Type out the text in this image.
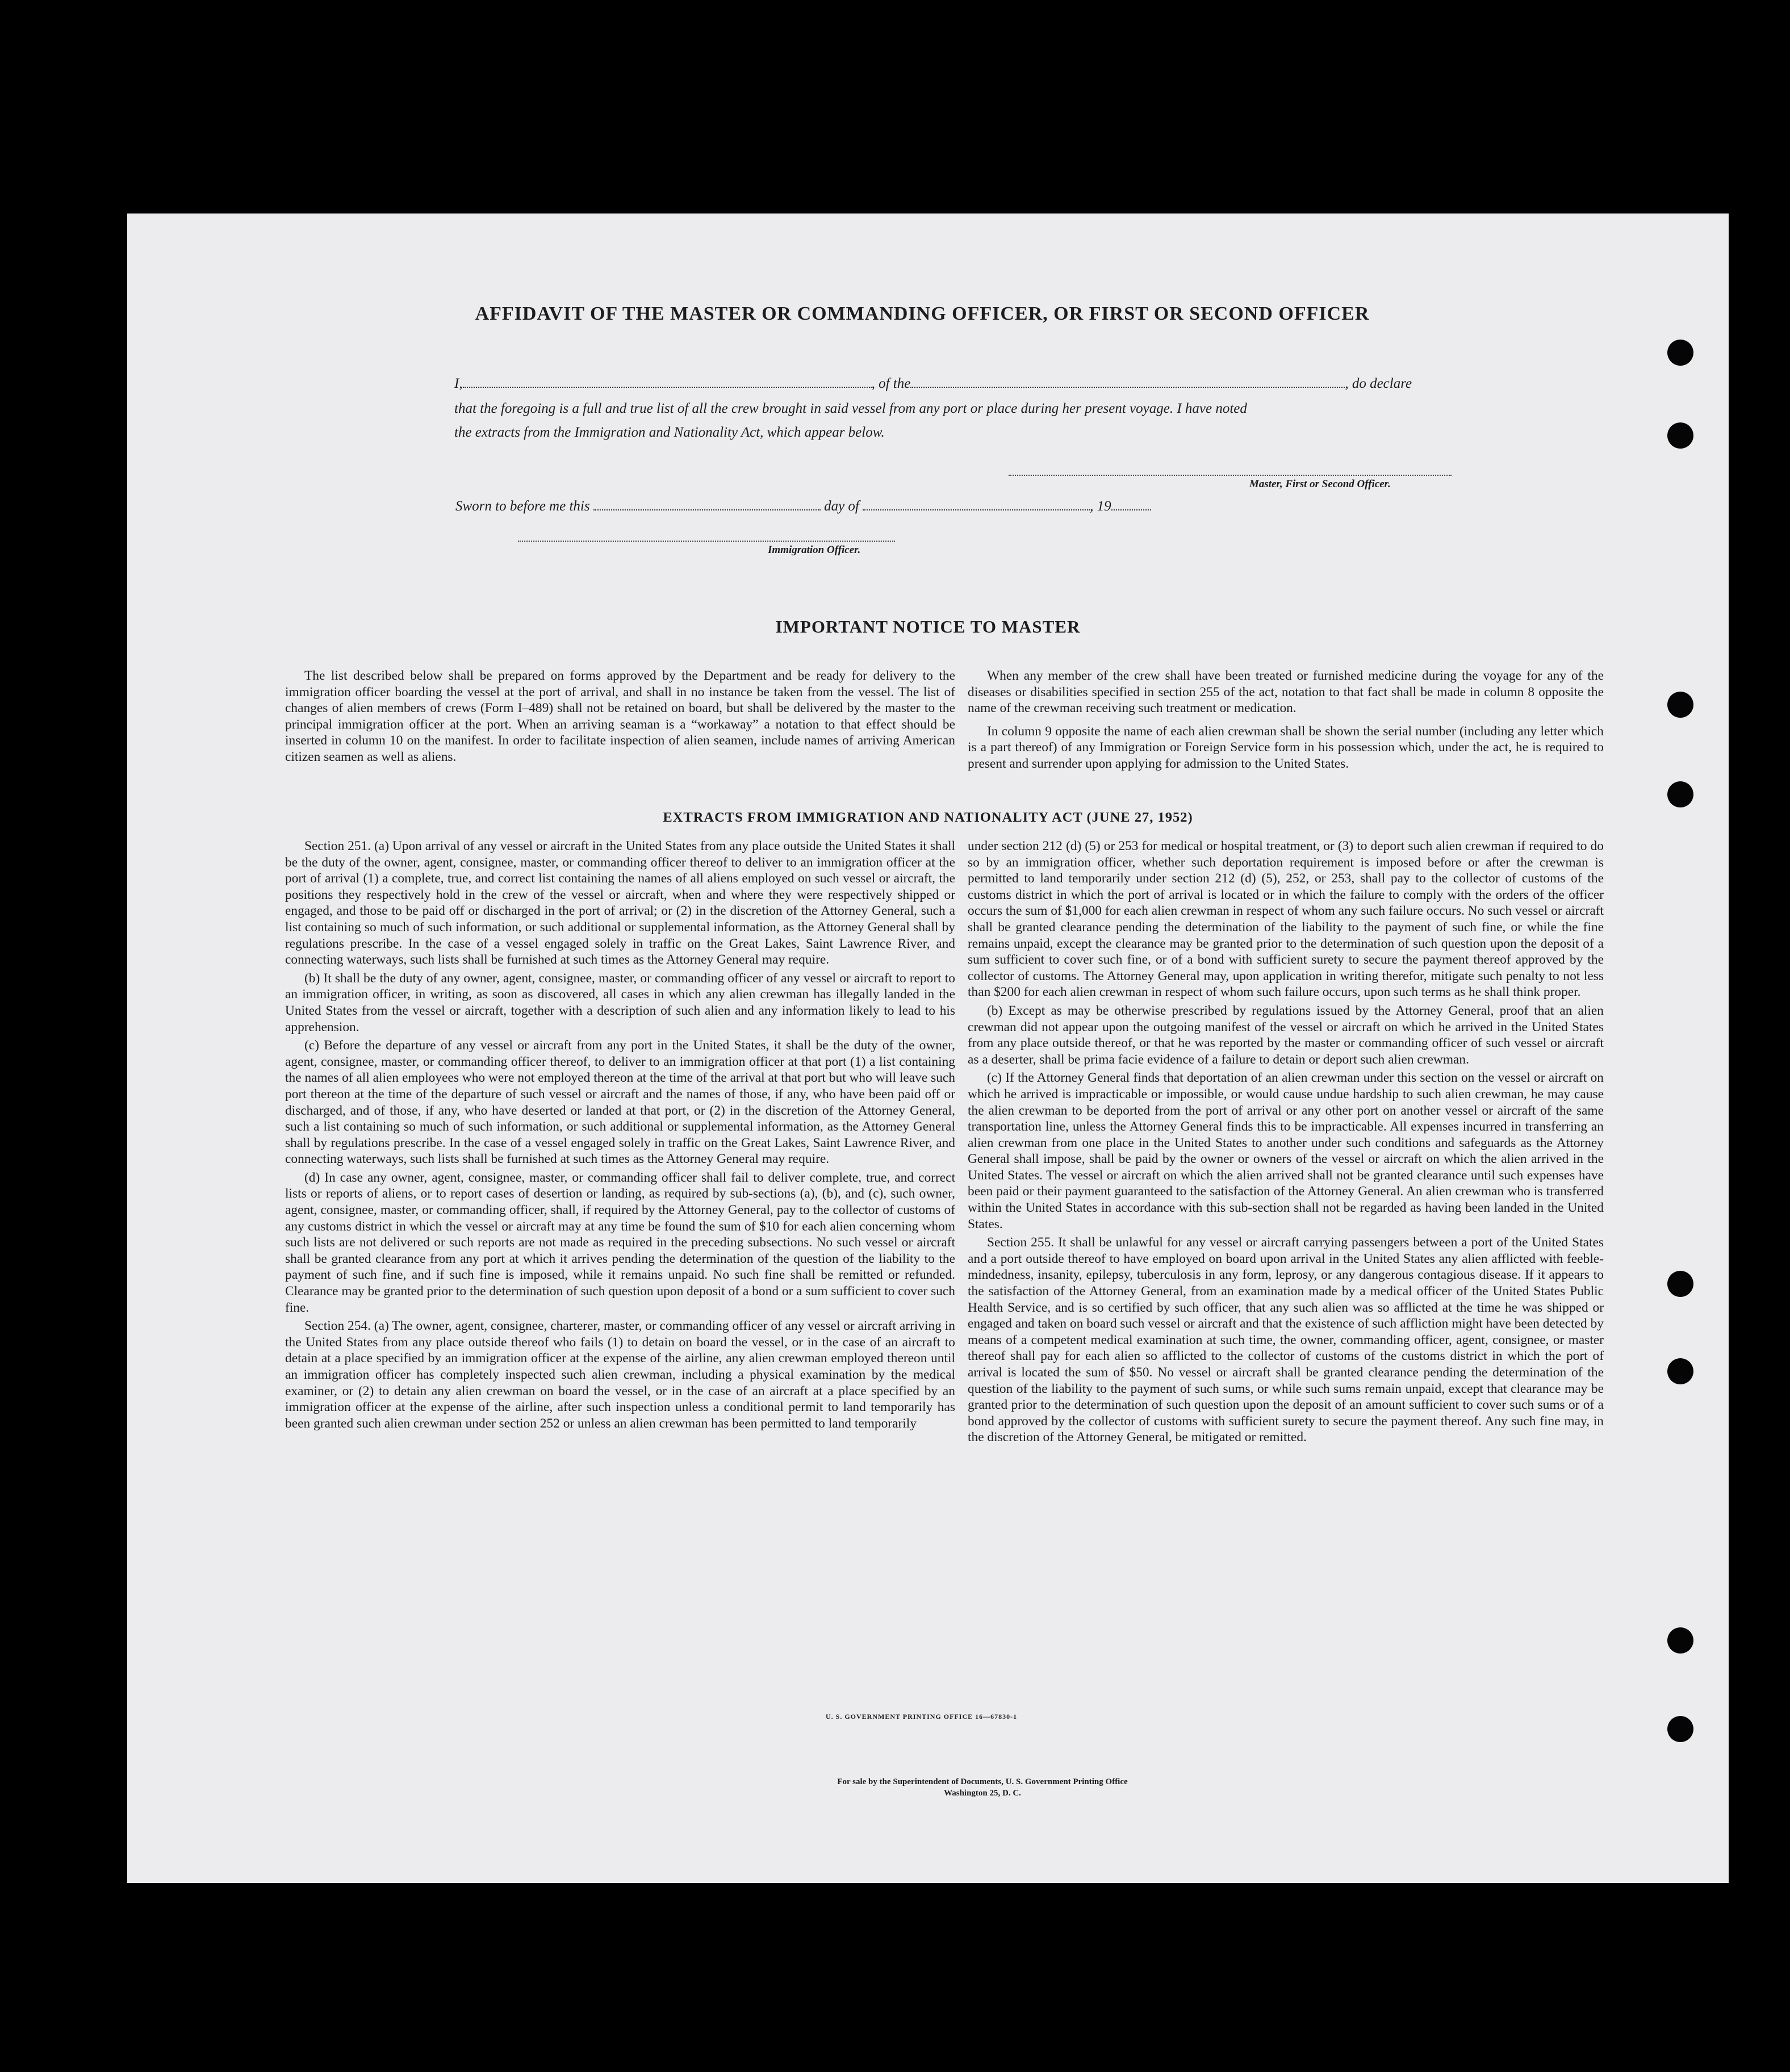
AFFIDAVIT OF THE MASTER OR COMMANDING OFFICER, OR FIRST OR SECOND OFFICER
I,	, of the	, do declare
that the foregoing is a full and true list of all the crew brought in said vessel from any port or place during her present voyage. I have noted
the extracts from the Immigration and Nationality Act, which appear below.
Master, First or Second Officer.
Sworn to before me this	day of	, 19
Immigration Officer.
IMPORTANT NOTICE TO MASTER

The list described below shall be prepared on forms approved by the Department and be ready for delivery to the immigration officer boarding the vessel at the port of arrival, and shall in no instance be taken from the vessel. The list of changes of alien members of crews (Form I–489) shall not be retained on board, but shall be delivered by the master to the principal immigration officer at the port. When an arriving seaman is a “workaway” a notation to that effect should be inserted in column 10 on the manifest. In order to facilitate inspection of alien seamen, include names of arriving American citizen seamen as well as aliens.

When any member of the crew shall have been treated or furnished medicine during the voyage for any of the diseases or disabilities specified in section 255 of the act, notation to that fact shall be made in column 8 opposite the name of the crewman receiving such treatment or medication.

In column 9 opposite the name of each alien crewman shall be shown the serial number (including any letter which is a part thereof) of any Immigration or Foreign Service form in his possession which, under the act, he is required to present and surrender upon applying for admission to the United States.

EXTRACTS FROM IMMIGRATION AND NATIONALITY ACT (JUNE 27, 1952)

Section 251. (a) Upon arrival of any vessel or aircraft in the United States from any place outside the United States it shall be the duty of the owner, agent, consignee, master, or commanding officer thereof to deliver to an immigration officer at the port of arrival (1) a complete, true, and correct list containing the names of all aliens employed on such vessel or aircraft, the positions they respectively hold in the crew of the vessel or aircraft, when and where they were respectively shipped or engaged, and those to be paid off or discharged in the port of arrival; or (2) in the discretion of the Attorney General, such a list containing so much of such information, or such additional or supplemental information, as the Attorney General shall by regulations prescribe. In the case of a vessel engaged solely in traffic on the Great Lakes, Saint Lawrence River, and connecting waterways, such lists shall be furnished at such times as the Attorney General may require.

(b) It shall be the duty of any owner, agent, consignee, master, or commanding officer of any vessel or aircraft to report to an immigration officer, in writing, as soon as discovered, all cases in which any alien crewman has illegally landed in the United States from the vessel or aircraft, together with a description of such alien and any information likely to lead to his apprehension.

(c) Before the departure of any vessel or aircraft from any port in the United States, it shall be the duty of the owner, agent, consignee, master, or commanding officer thereof, to deliver to an immigration officer at that port (1) a list containing the names of all alien employees who were not employed thereon at the time of the arrival at that port but who will leave such port thereon at the time of the departure of such vessel or aircraft and the names of those, if any, who have been paid off or discharged, and of those, if any, who have deserted or landed at that port, or (2) in the discretion of the Attorney General, such a list containing so much of such information, or such additional or supplemental information, as the Attorney General shall by regulations prescribe. In the case of a vessel engaged solely in traffic on the Great Lakes, Saint Lawrence River, and connecting waterways, such lists shall be furnished at such times as the Attorney General may require.

(d) In case any owner, agent, consignee, master, or commanding officer shall fail to deliver complete, true, and correct lists or reports of aliens, or to report cases of desertion or landing, as required by sub-sections (a), (b), and (c), such owner, agent, consignee, master, or commanding officer, shall, if required by the Attorney General, pay to the collector of customs of any customs district in which the vessel or aircraft may at any time be found the sum of $10 for each alien concerning whom such lists are not delivered or such reports are not made as required in the preceding subsections. No such vessel or aircraft shall be granted clearance from any port at which it arrives pending the determination of the question of the liability to the payment of such fine, and if such fine is imposed, while it remains unpaid. No such fine shall be remitted or refunded. Clearance may be granted prior to the determination of such question upon deposit of a bond or a sum sufficient to cover such fine.

Section 254. (a) The owner, agent, consignee, charterer, master, or commanding officer of any vessel or aircraft arriving in the United States from any place outside thereof who fails (1) to detain on board the vessel, or in the case of an aircraft to detain at a place specified by an immigration officer at the expense of the airline, any alien crewman employed thereon until an immigration officer has completely inspected such alien crewman, including a physical examination by the medical examiner, or (2) to detain any alien crewman on board the vessel, or in the case of an aircraft at a place specified by an immigration officer at the expense of the airline, after such inspection unless a conditional permit to land temporarily has been granted such alien crewman under section 252 or unless an alien crewman has been permitted to land temporarily

under section 212 (d) (5) or 253 for medical or hospital treatment, or (3) to deport such alien crewman if required to do so by an immigration officer, whether such deportation requirement is imposed before or after the crewman is permitted to land temporarily under section 212 (d) (5), 252, or 253, shall pay to the collector of customs of the customs district in which the port of arrival is located or in which the failure to comply with the orders of the officer occurs the sum of $1,000 for each alien crewman in respect of whom any such failure occurs. No such vessel or aircraft shall be granted clearance pending the determination of the liability to the payment of such fine, or while the fine remains unpaid, except the clearance may be granted prior to the determination of such question upon the deposit of a sum sufficient to cover such fine, or of a bond with sufficient surety to secure the payment thereof approved by the collector of customs. The Attorney General may, upon application in writing therefor, mitigate such penalty to not less than $200 for each alien crewman in respect of whom such failure occurs, upon such terms as he shall think proper.

(b) Except as may be otherwise prescribed by regulations issued by the Attorney General, proof that an alien crewman did not appear upon the outgoing manifest of the vessel or aircraft on which he arrived in the United States from any place outside thereof, or that he was reported by the master or commanding officer of such vessel or aircraft as a deserter, shall be prima facie evidence of a failure to detain or deport such alien crewman.

(c) If the Attorney General finds that deportation of an alien crewman under this section on the vessel or aircraft on which he arrived is impracticable or impossible, or would cause undue hardship to such alien crewman, he may cause the alien crewman to be deported from the port of arrival or any other port on another vessel or aircraft of the same transportation line, unless the Attorney General finds this to be impracticable. All expenses incurred in transferring an alien crewman from one place in the United States to another under such conditions and safeguards as the Attorney General shall impose, shall be paid by the owner or owners of the vessel or aircraft on which the alien arrived in the United States. The vessel or aircraft on which the alien arrived shall not be granted clearance until such expenses have been paid or their payment guaranteed to the satisfaction of the Attorney General. An alien crewman who is transferred within the United States in accordance with this sub-section shall not be regarded as having been landed in the United States.

Section 255. It shall be unlawful for any vessel or aircraft carrying passengers between a port of the United States and a port outside thereof to have employed on board upon arrival in the United States any alien afflicted with feeble-mindedness, insanity, epilepsy, tuberculosis in any form, leprosy, or any dangerous contagious disease. If it appears to the satisfaction of the Attorney General, from an examination made by a medical officer of the United States Public Health Service, and is so certified by such officer, that any such alien was so afflicted at the time he was shipped or engaged and taken on board such vessel or aircraft and that the existence of such affliction might have been detected by means of a competent medical examination at such time, the owner, commanding officer, agent, consignee, or master thereof shall pay for each alien so afflicted to the collector of customs of the customs district in which the port of arrival is located the sum of $50. No vessel or aircraft shall be granted clearance pending the determination of the question of the liability to the payment of such sums, or while such sums remain unpaid, except that clearance may be granted prior to the determination of such question upon the deposit of an amount sufficient to cover such sums or of a bond approved by the collector of customs with sufficient surety to secure the payment thereof. Any such fine may, in the discretion of the Attorney General, be mitigated or remitted.

U. S. GOVERNMENT PRINTING OFFICE 16—67830-1
For sale by the Superintendent of Documents, U. S. Government Printing Office
Washington 25, D. C.
